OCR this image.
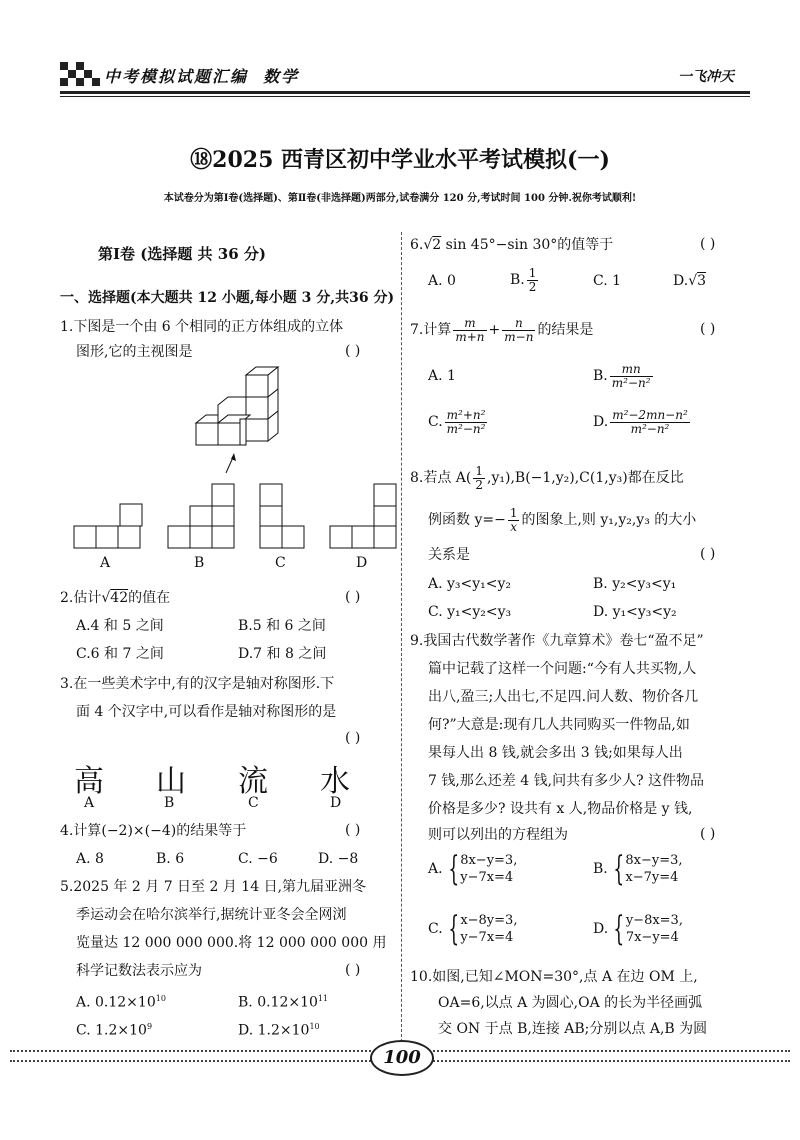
中考模拟试题汇编 数学	一飞冲天
⑱2025 西青区初中学业水平考试模拟(一)
本试卷分为第Ⅰ卷(选择题)、第Ⅱ卷(非选择题)两部分,试卷满分 120 分,考试时间 100 分钟.祝你考试顺利!
第Ⅰ卷 (选择题 共 36 分)
一、选择题(本大题共 12 小题,每小题 3 分,共36 分)
1.下图是一个由 6 个相同的正方体组成的立体
图形,它的主视图是	( )
A	B	C	D
2.估计√42的值在	( )
A.4 和 5 之间	B.5 和 6 之间
C.6 和 7 之间	D.7 和 8 之间
3.在一些美术字中,有的汉字是轴对称图形.下
面 4 个汉字中,可以看作是轴对称图形的是
( )
高 山 流 水
A	B	C	D
4.计算(−2)×(−4)的结果等于	( )
A. 8	B. 6	C. −6	D. −8
5.2025 年 2 月 7 日至 2 月 14 日,第九届亚洲冬
季运动会在哈尔滨举行,据统计亚冬会全网浏
览量达 12 000 000 000.将 12 000 000 000 用
科学记数法表示应为	( )
A. $0.12\times 10^{10}$	B. $0.12\times 10^{11}$
C. $1.2\times 10^9$	D. $1.2\times 10^{10}$
6.√2 sin 45°−sin 30°的值等于	( )
A. 0	B. $\frac{1}{2}$	C. 1	D.√3
7.计算 $\frac{m}{m+n} + \frac{n}{m-n}$ 的结果是	( )
A. 1	B. $\frac{mn}{\text{m²−n²}}$
C. $\frac{\text{m²+n²}}{\text{m²−n²}}$	D. $\frac{\text{m²−2mn−n²}}{\text{m²−n²}}$
8.若点 $A( \frac{1}{2} ,y_1),B(-1,y_2),C(1,y_3)$都在反比
例函数 $y=- \frac{1}{x}$ 的图象上,则 y₁,y₂,y₃ 的大小
关系是	( )
A. y₃<y₁<y₂	B. y₂<y₃<y₁
C. y₁<y₂<y₃	D. y₁<y₃<y₂
9.我国古代数学著作《九章算术》卷七“盈不足”
篇中记载了这样一个问题:“今有人共买物,人
出八,盈三;人出七,不足四.问人数、物价各几
何?”大意是:现有几人共同购买一件物品,如
果每人出 8 钱,就会多出 3 钱;如果每人出
7 钱,那么还差 4 钱,问共有多少人? 这件物品
价格是多少? 设共有 x 人,物品价格是 y 钱,
则可以列出的方程组为	( )
A. {8x−y=3,
y−7x=4
B. {8x−y=3,
x−7y=4
C. {x−8y=3,
y−7x=4
D. {y−8x=3,
7x−y=4
10.如图,已知∠MON=30°,点 A 在边 OM 上,
OA=6,以点 A 为圆心,OA 的长为半径画弧
交 ON 于点 B,连接 AB;分别以点 A,B 为圆
100
